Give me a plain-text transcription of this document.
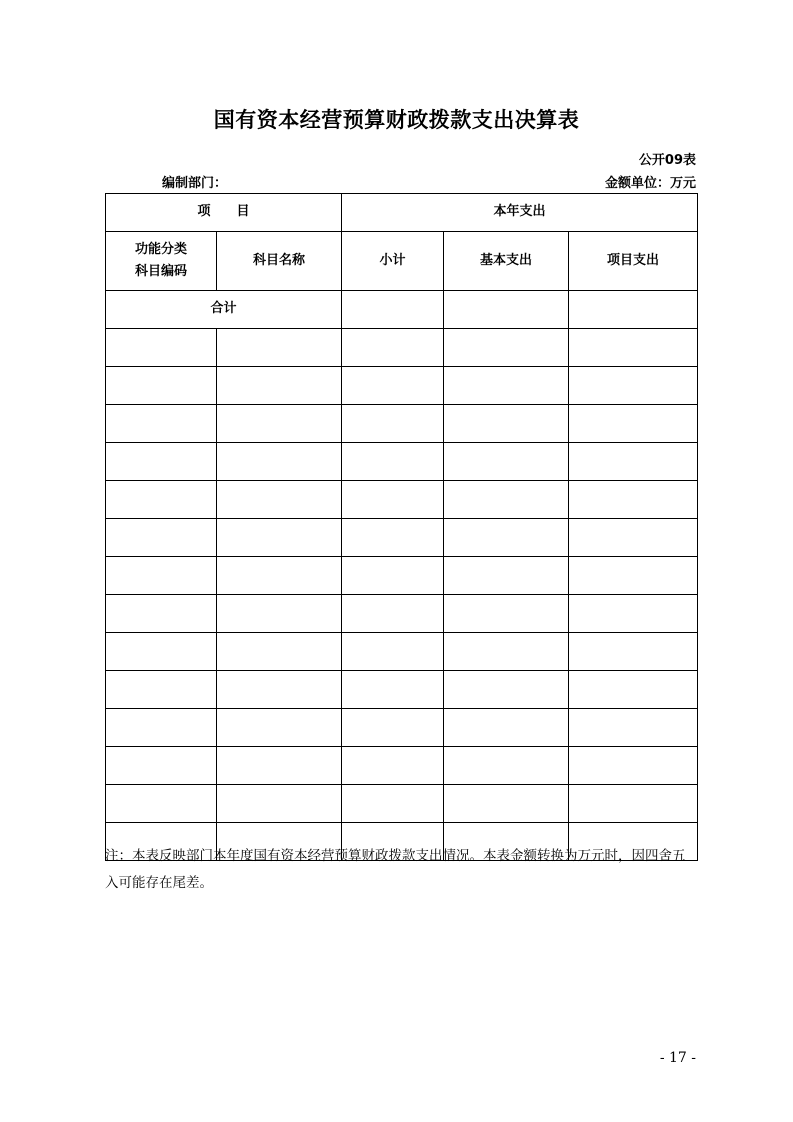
国有资本经营预算财政拨款支出决算表
公开09表
编制部门：	金额单位：万元
项　　目		本年支出		

功能分类
科目编码	科目名称	小计	基本支出	项目支出
合计				

注：本表反映部门本年度国有资本经营预算财政拨款支出情况。本表金额转换为万元时，因四舍五入可能存在尾差。
- 17 -
